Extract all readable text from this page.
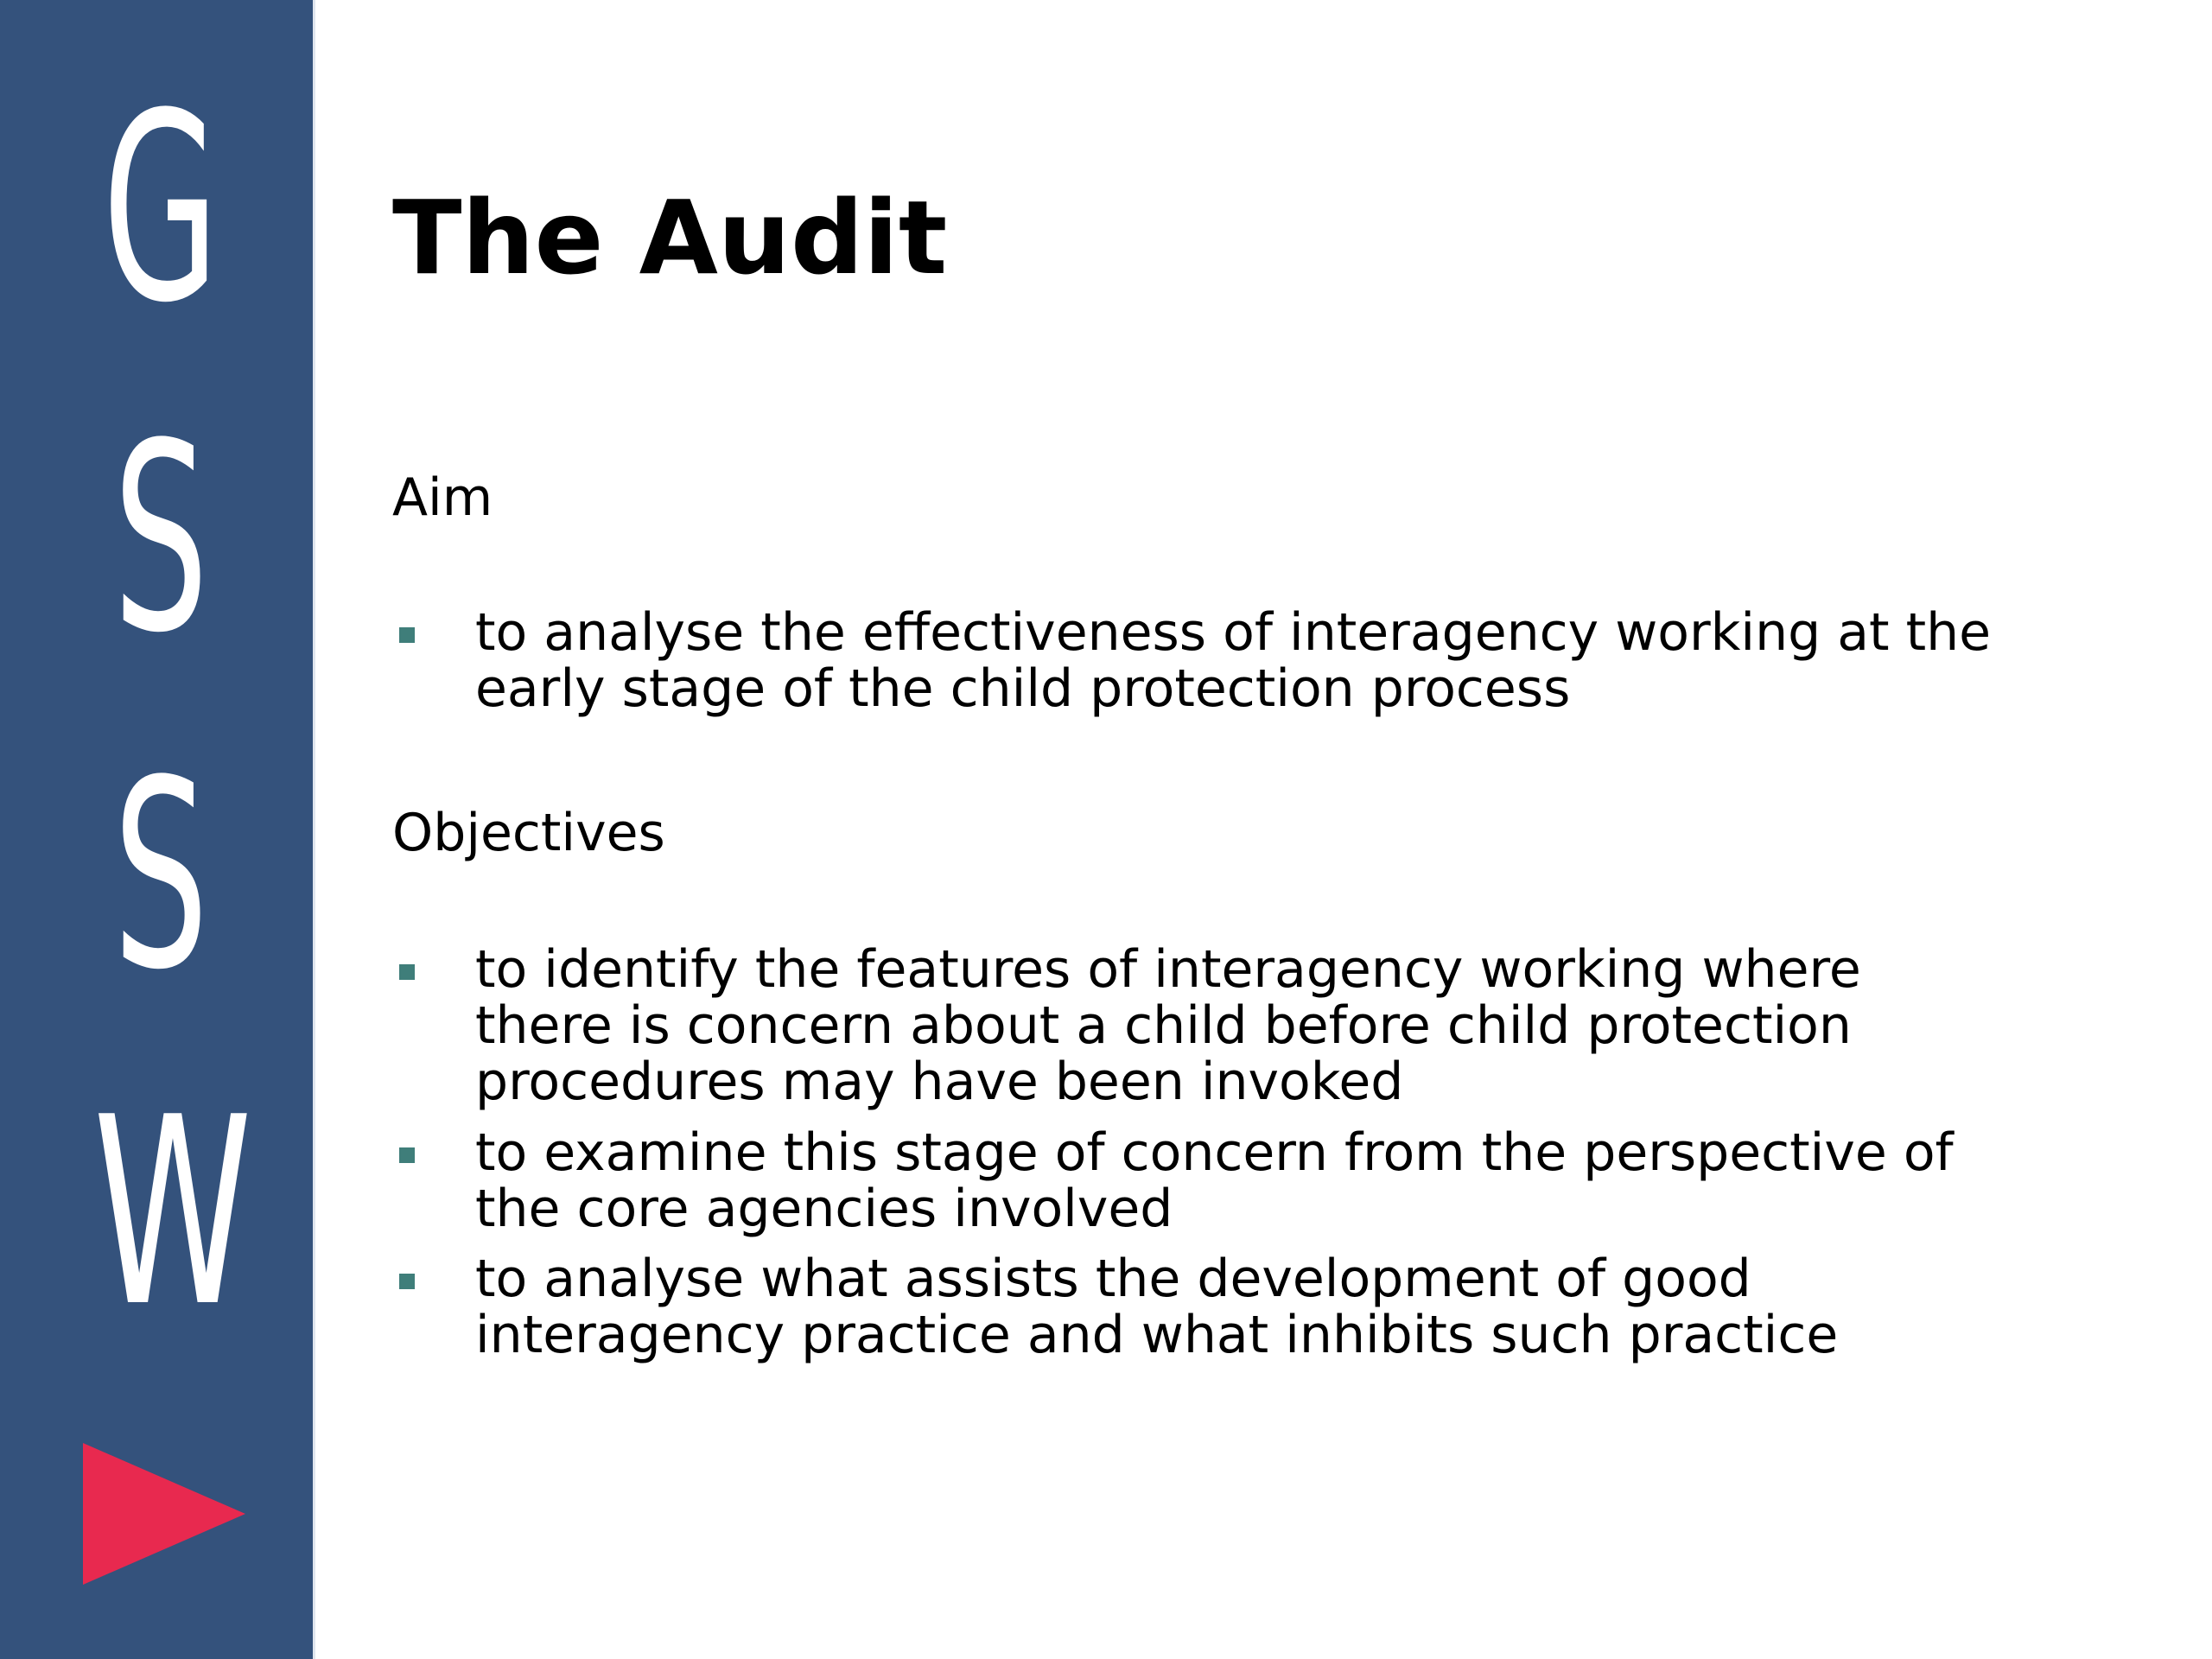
G
S
S
W
The Audit
Aim
to analyse the effectiveness of interagency working at the
early stage of the child protection process
Objectives
to identify the features of interagency working where
there is concern about a child before child protection
procedures may have been invoked
to examine this stage of concern from the perspective of
the core agencies involved
to analyse what assists the development of good
interagency practice and what inhibits such practice
